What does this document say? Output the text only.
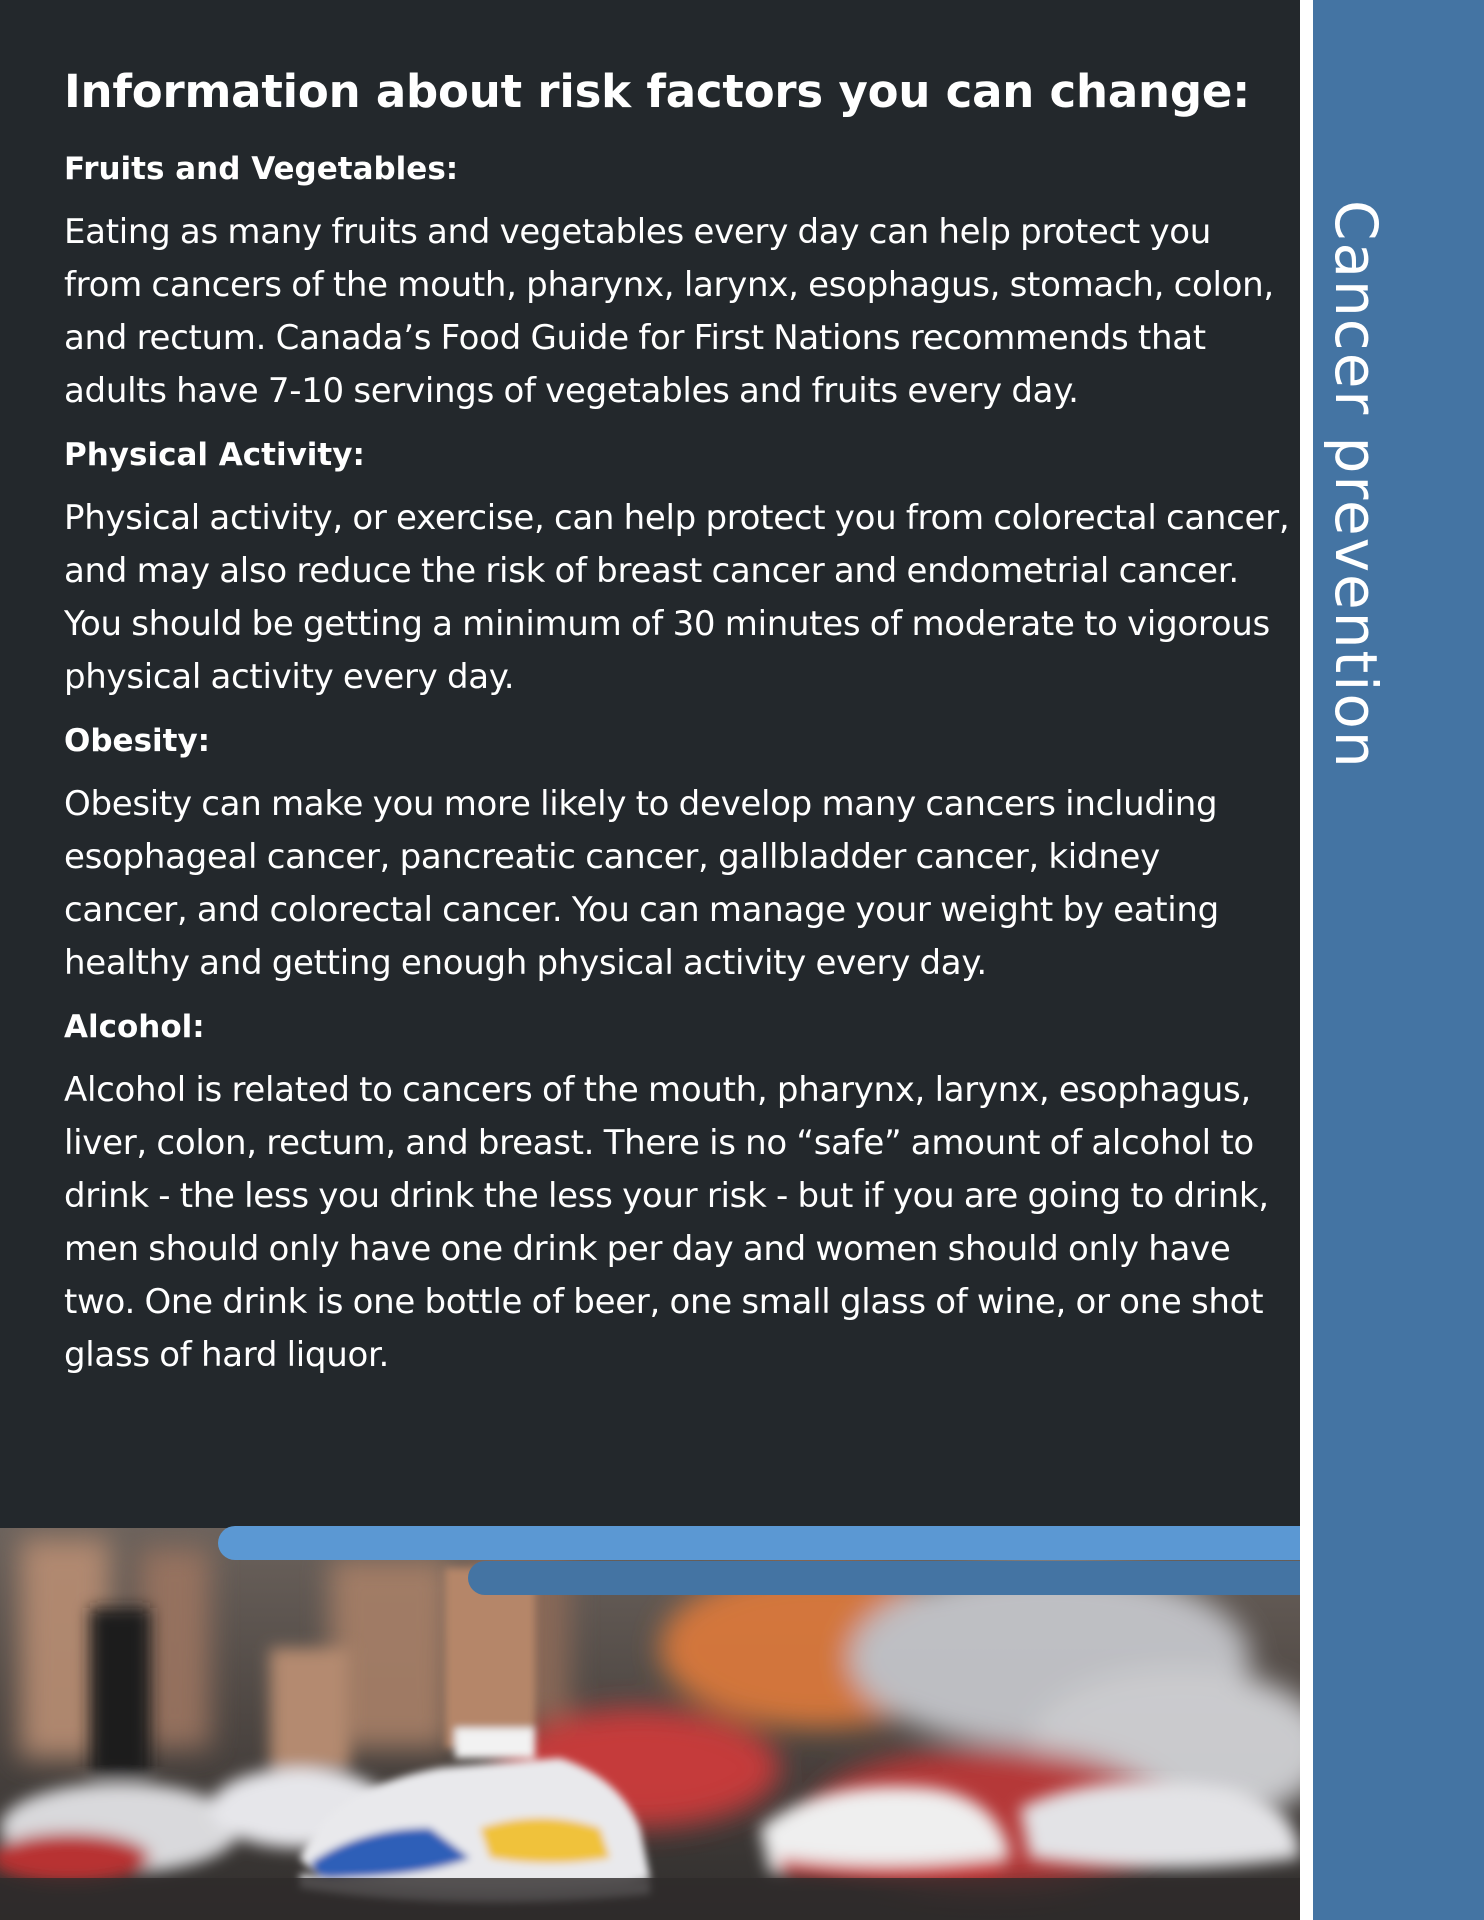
Cancer prevention
Information about risk factors you can change:
Fruits and Vegetables:

Eating as many fruits and vegetables every day can help protect you from cancers of the mouth, pharynx, larynx, esophagus, stomach, colon, and rectum. Canada’s Food Guide for First Nations recommends that adults have 7-10 servings of vegetables and fruits every day.

Physical Activity:

Physical activity, or exercise, can help protect you from colorectal cancer, and may also reduce the risk of breast cancer and endometrial cancer. You should be getting a minimum of 30 minutes of moderate to vigorous physical activity every day.

Obesity:

Obesity can make you more likely to develop many cancers including esophageal cancer, pancreatic cancer, gallbladder cancer, kidney cancer, and colorectal cancer. You can manage your weight by eating healthy and getting enough physical activity every day.

Alcohol:

Alcohol is related to cancers of the mouth, pharynx, larynx, esophagus, liver, colon, rectum, and breast. There is no “safe” amount of alcohol to drink - the less you drink the less your risk - but if you are going to drink, men should only have one drink per day and women should only have two. One drink is one bottle of beer, one small glass of wine, or one shot glass of hard liquor.
